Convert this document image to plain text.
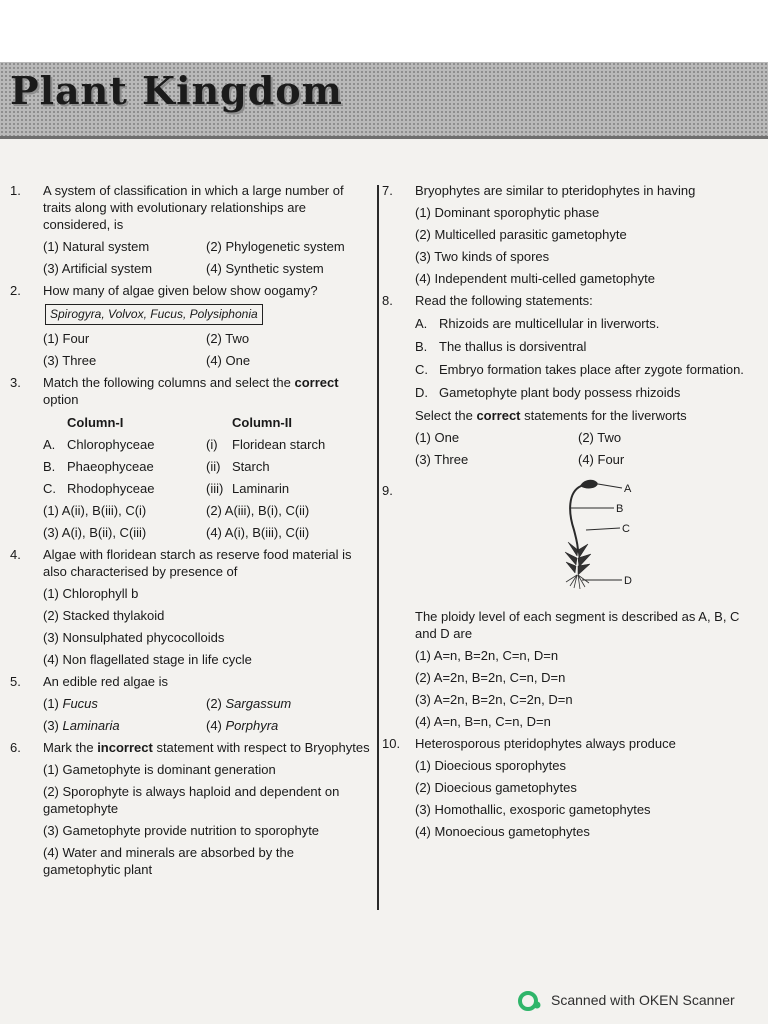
Plant Kingdom
1.	A system of classification in which a large number of traits along with evolutionary relationships are considered, is
(1) Natural system	(2) Phylogenetic system
(3) Artificial system	(4) Synthetic system
2.	How many of algae given below show oogamy?
Spirogyra, Volvox, Fucus, Polysiphonia
(1) Four	(2) Two
(3) Three	(4) One
3.	Match the following columns and select the correct option
Column-I	Column-II
A. Chlorophyceae	(i) Floridean starch
B. Phaeophyceae	(ii) Starch
C. Rhodophyceae	(iii) Laminarin
(1) A(ii), B(iii), C(i)	(2) A(iii), B(i), C(ii)
(3) A(i), B(ii), C(iii)	(4) A(i), B(iii), C(ii)
4.	Algae with floridean starch as reserve food material is also characterised by presence of
(1) Chlorophyll b
(2) Stacked thylakoid
(3) Nonsulphated phycocolloids
(4) Non flagellated stage in life cycle
5.	An edible red algae is
(1) Fucus	(2) Sargassum
(3) Laminaria	(4) Porphyra
6.	Mark the incorrect statement with respect to Bryophytes
(1) Gametophyte is dominant generation
(2) Sporophyte is always haploid and dependent on gametophyte
(3) Gametophyte provide nutrition to sporophyte
(4) Water and minerals are absorbed by the gametophytic plant
7.	Bryophytes are similar to pteridophytes in having
(1) Dominant sporophytic phase
(2) Multicelled parasitic gametophyte
(3) Two kinds of spores
(4) Independent multi-celled gametophyte
8.	Read the following statements:
A. Rhizoids are multicellular in liverworts.
B. The thallus is dorsiventral
C. Embryo formation takes place after zygote formation.
D. Gametophyte plant body possess rhizoids
Select the correct statements for the liverworts
(1) One	(2) Two
(3) Three	(4) Four
9.	A
B
C
D
The ploidy level of each segment is described as A, B, C and D are
(1) A=n, B=2n, C=n, D=n
(2) A=2n, B=2n, C=n, D=n
(3) A=2n, B=2n, C=2n, D=n
(4) A=n, B=n, C=n, D=n
10.	Heterosporous pteridophytes always produce
(1) Dioecious sporophytes
(2) Dioecious gametophytes
(3) Homothallic, exosporic gametophytes
(4) Monoecious gametophytes
Scanned with OKEN Scanner
